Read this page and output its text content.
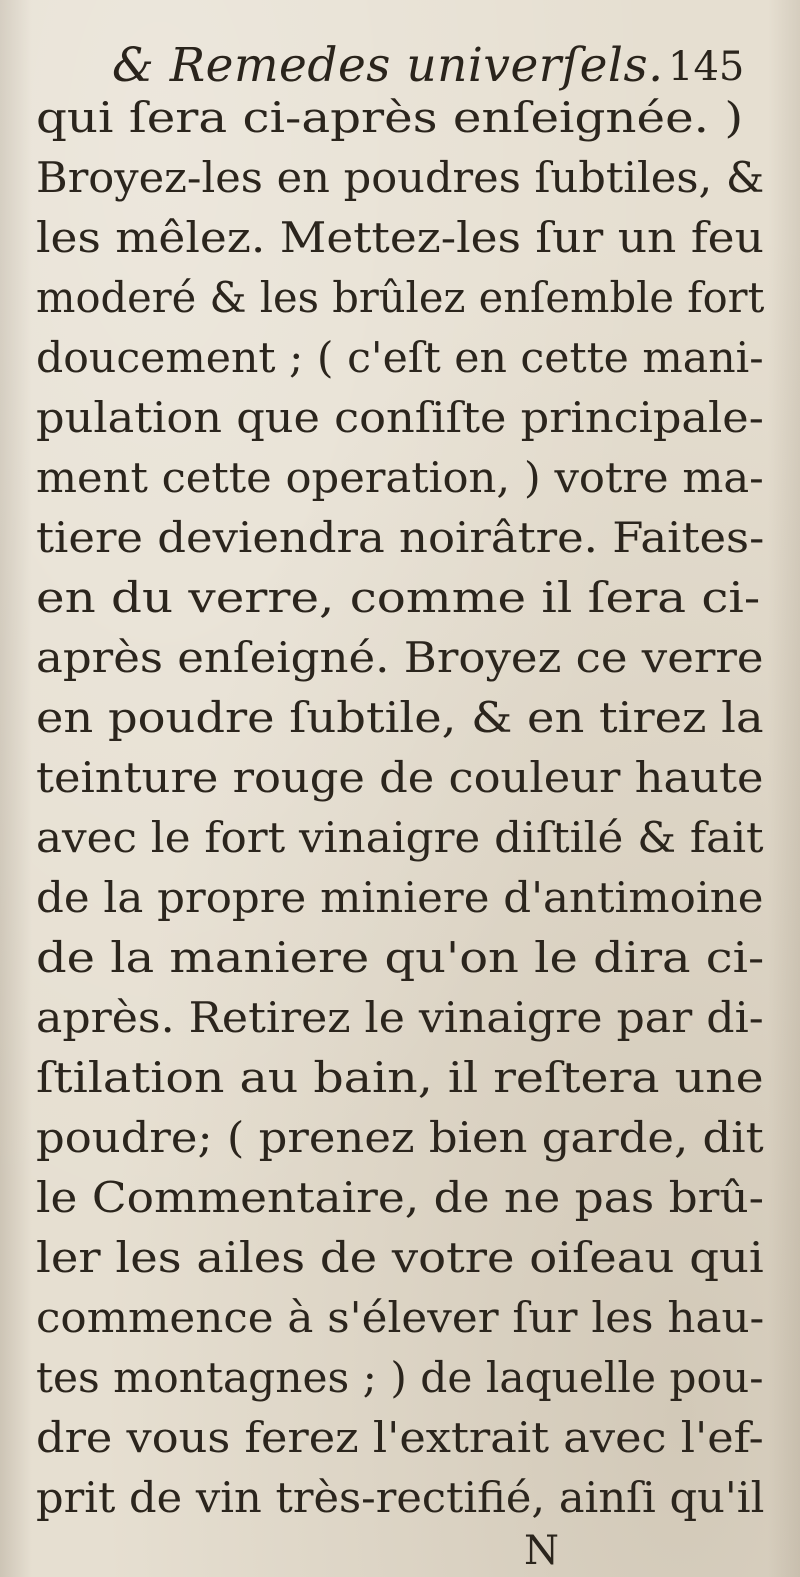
& Remedes univerſels. 145
qui ſera ci-après enſeignée. )
Broyez-les en poudres ſubtiles, &
les mêlez. Mettez-les ſur un feu
moderé & les brûlez enſemble fort
doucement ; ( c'eſt en cette mani-
pulation que conſiſte principale-
ment cette operation, ) votre ma-
tiere deviendra noirâtre. Faites-
en du verre, comme il ſera ci-
après enſeigné. Broyez ce verre
en poudre ſubtile, & en tirez la
teinture rouge de couleur haute
avec le fort vinaigre diſtilé & fait
de la propre miniere d'antimoine
de la maniere qu'on le dira ci-
après. Retirez le vinaigre par di-
ſtilation au bain, il reſtera une
poudre; ( prenez bien garde, dit
le Commentaire, de ne pas brû-
ler les ailes de votre oiſeau qui
commence à s'élever ſur les hau-
tes montagnes ; ) de laquelle pou-
dre vous ferez l'extrait avec l'ef-
prit de vin très-rectifié, ainſi qu'il
N
